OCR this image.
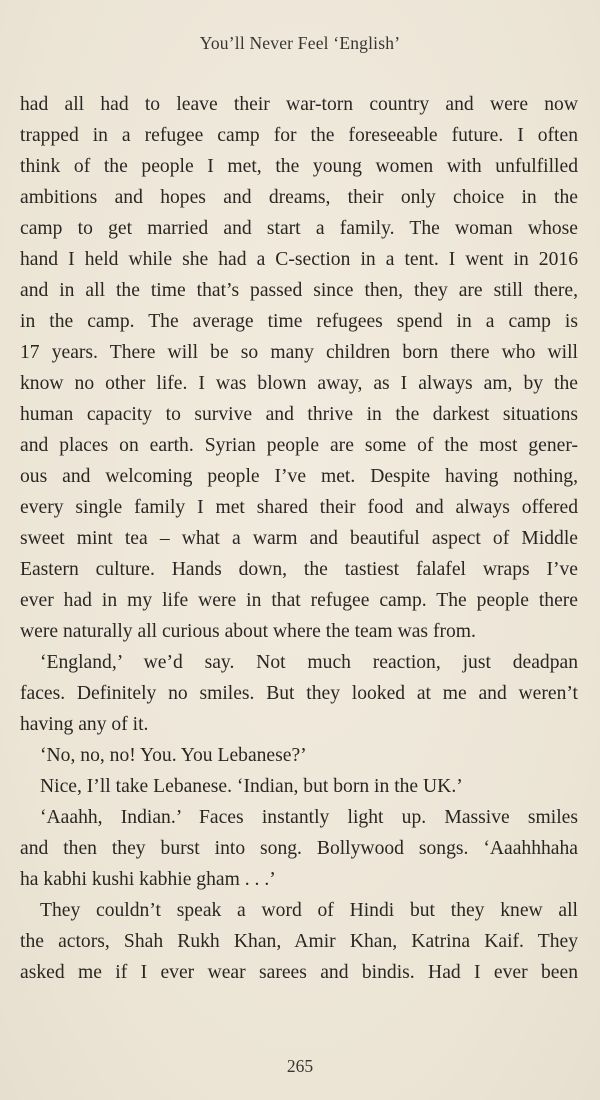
You’ll Never Feel ‘English’
had all had to leave their war-torn country and were now
trapped in a refugee camp for the foreseeable future. I often
think of the people I met, the young women with unfulfilled
ambitions and hopes and dreams, their only choice in the
camp to get married and start a family. The woman whose
hand I held while she had a C-section in a tent. I went in 2016
and in all the time that’s passed since then, they are still there,
in the camp. The average time refugees spend in a camp is
17 years. There will be so many children born there who will
know no other life. I was blown away, as I always am, by the
human capacity to survive and thrive in the darkest situations
and places on earth. Syrian people are some of the most gener-
ous and welcoming people I’ve met. Despite having nothing,
every single family I met shared their food and always offered
sweet mint tea – what a warm and beautiful aspect of Middle
Eastern culture. Hands down, the tastiest falafel wraps I’ve
ever had in my life were in that refugee camp. The people there
were naturally all curious about where the team was from.
‘England,’ we’d say. Not much reaction, just deadpan
faces. Definitely no smiles. But they looked at me and weren’t
having any of it.
‘No, no, no! You. You Lebanese?’
Nice, I’ll take Lebanese. ‘Indian, but born in the UK.’
‘Aaahh, Indian.’ Faces instantly light up. Massive smiles
and then they burst into song. Bollywood songs. ‘Aaahhhaha
ha kabhi kushi kabhie gham . . .’
They couldn’t speak a word of Hindi but they knew all
the actors, Shah Rukh Khan, Amir Khan, Katrina Kaif. They
asked me if I ever wear sarees and bindis. Had I ever been
265
